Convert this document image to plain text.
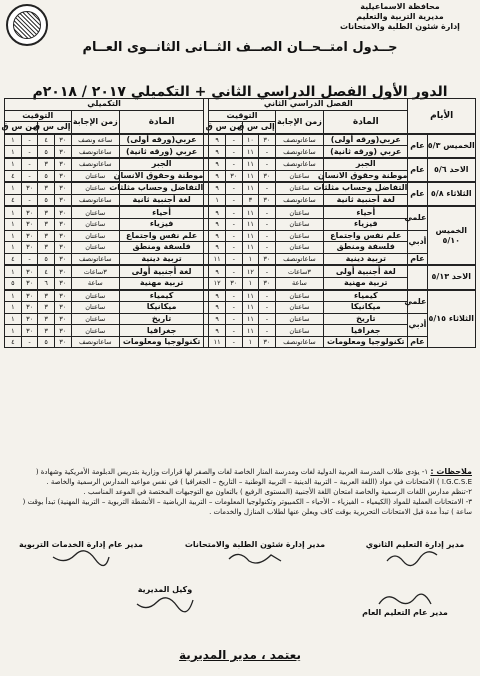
محافظة الاسماعيلية
مديرية التربية والتعليم
إدارة شئون الطلبة والامتحانات
جــدول امتــحــان الصــف الثــانى الثانــوى العــام
الدور الأول الفصل الدراسي الثاني + التكميلي ٢٠١٧ / ٢٠١٨م
الأيام		الفصل الدراسي الثاني							التكميلي					
		المادة	زمن الإجابة	التوقيت					المادة	زمن الإجابة	التوقيت			
				إلى س ق		من س ق					إلى س ق		من س ق	
الخميس ٥/٣	عام	عربي(ورقه أولى)	ساعاتونصف	٣٠	١٠	-	٩		عربي(ورقه أولى)	ساعه ونصف	٣٠	٤	-	١
		عربي (ورقه ثانية)	ساعاتونصف	-	١١	-	٩		عربي (ورقه ثانية)	ساعاتونصف	٣٠	٥	-	١
الاحد ٥/٦	عام	الجبر	ساعاتونصف	-	١١	-	٩		الجبر	ساعاتونصف	٣٠	٣	-	١
		موطنة وحقوق الانسان	ساعتان	٣٠	١١	٣٠	٩		موطنة وحقوق الانسان	ساعتان	٣٠	٥	-	٤
الثلاثاء ٥/٨	عام	التفاضل وحساب مثلثات	ساعتان	-	١١	-	٩		التفاضل وحساب مثلثات	ساعتان	٣٠	٣	٣٠	١
		لغة أجنبية ثانية	ساعاتونصف	٣٠	٣	-	١		لغة أجنبية ثانية	ساعاتونصف	٣٠	٥	-	٤
الخميس ٥/١٠	علمي	أحياء	ساعتان	-	١١	-	٩		أحياء	ساعتان	٣٠	٣	٣٠	١
		فيزياء	ساعتان	-	١١	-	٩		فيزياء	ساعتان	٣٠	٣	٣٠	١
	أدبي	علم نفس واجتماع	ساعتان	-	١١	-	٩		علم نفس واجتماع	ساعتان	٣٠	٣	٣٠	١
		فلسفة ومنطق	ساعتان	-	١١	-	٩		فلسفة ومنطق	ساعتان	٣٠	٣	٣٠	١
	عام	تربية دينية	ساعاتونصف	٣٠	١	-	١١		تربية دينية	ساعاتونصف	٣٠	٥	-	٤
الاحد ٥/١٣		لغة أجنبية أولى	٣ساعات	-	١٢	-	٩		لغة أجنبية أولى	٣ساعات	٣٠	٤	٣٠	١
		تربية مهنية	ساعة	٣٠	١	٣٠	١٢		تربية مهنية	ساعة	٣٠	٦	٣٠	٥
الثلاثاء ٥/١٥	علمي	كيمياء	ساعتان	-	١١	-	٩		كيمياء	ساعتان	٣٠	٣	٣٠	١
		ميكانيكا	ساعتان	-	١١	-	٩		ميكانيكا	ساعتان	٣٠	٣	٣٠	١
	أدبي	تاريخ	ساعتان	-	١١	-	٩		تاريخ	ساعتان	٣٠	٣	٣٠	١
		جغرافيا	ساعتان	-	١١	-	٩		جغرافيا	ساعتان	٣٠	٣	٣٠	١
	عام	تكنولوجيا ومعلومات	ساعاتونصف	٣٠	١	-	١١		تكنولوجيا ومعلومات	ساعاتونصف	٣٠	٥	-	٤

ملاحظات : ١- يؤدى طلاب المدرسة العربية الدولية لغات ومدرسة المنار الخاصة لغات والصفر لها قرارات وزارية بتدريس الدبلومة الأمريكية وشهادة ( I.G.C.S.E ) الامتحانات في مواد (اللغة العربية – التربية الدينية – التربية الوطنية – التاريخ – الجغرافيا ) في نفس مواعيد المدارس الرسمية والخاصة .

٢-تنظم مدارس اللغات الرسمية والخاصة امتحان اللغة الأجنبية (المستوى الرفيع ) بالتعاون مع التوجيهات المختصة في الموعد المناسب .

٣- الامتحانات العملية للمواد (الكيمياء – الفيزياء – الأحياء – الكمبيوتر وتكنولوجيا المعلومات – التربية الرياضية – الأنشطة التربوية – التربية المهنية) تبدأ بوقت ( ساعة ) تبدأ مدة قبل الامتحانات التحريرية بوقت كاف ويعلن عنها لطلاب المنازل والخدمات .

مدير إدارة التعليم الثانوي
مدير إدارة شئون الطلبة والامتحانات
مدير عام إدارة الخدمات التربوية
مدير عام التعليم العام
وكيل المديرية
يعتمد ، مدير المديرية
